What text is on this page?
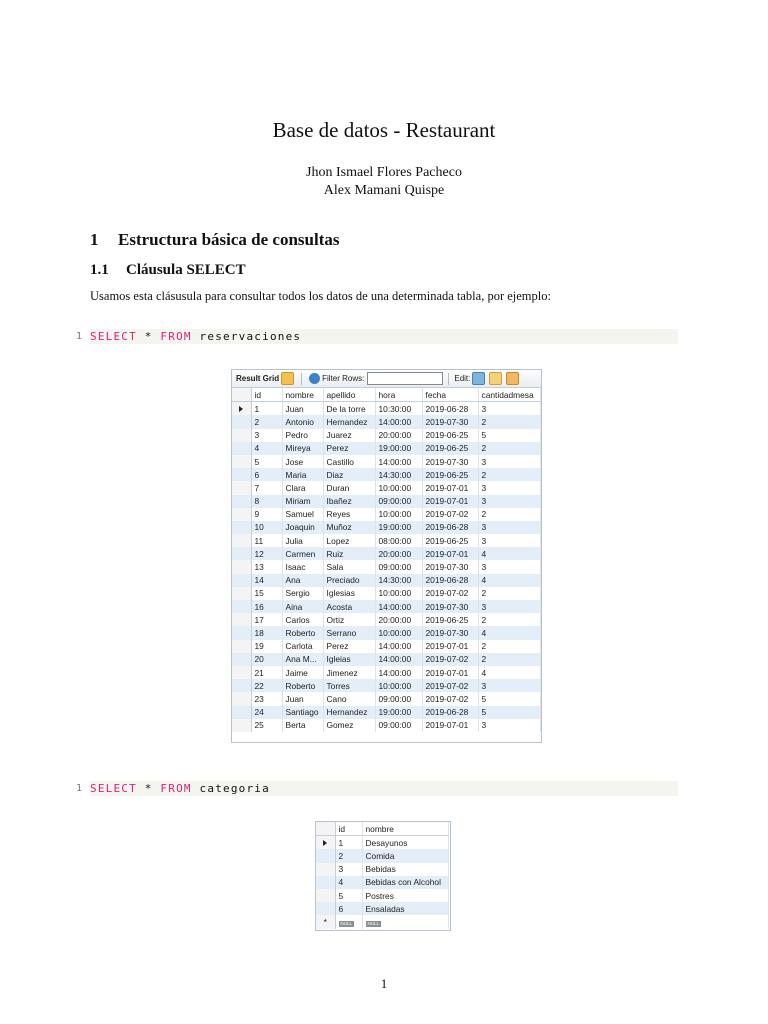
Base de datos - Restaurant
Jhon Ismael Flores Pacheco
Alex Mamani Quispe
1 Estructura básica de consultas
1.1 Cláusula SELECT
Usamos esta clásusula para consultar todos los datos de una determinada tabla, por ejemplo:
1 SELECT * FROM reservaciones
Result Grid	Filter Rows:	Edit:
	id	nombre	apellido	hora	fecha	cantidadmesa
	1	Juan	De la torre	10:30:00	2019-06-28	3
	2	Antonio	Hernandez	14:00:00	2019-07-30	2
	3	Pedro	Juarez	20:00:00	2019-06-25	5
	4	Mireya	Perez	19:00:00	2019-06-25	2
	5	Jose	Castillo	14:00:00	2019-07-30	3
	6	Maria	Diaz	14:30:00	2019-06-25	2
	7	Clara	Duran	10:00:00	2019-07-01	3
	8	Miriam	Ibañez	09:00:00	2019-07-01	3
	9	Samuel	Reyes	10:00:00	2019-07-02	2
	10	Joaquin	Muñoz	19:00:00	2019-06-28	3
	11	Julia	Lopez	08:00:00	2019-06-25	3
	12	Carmen	Ruiz	20:00:00	2019-07-01	4
	13	Isaac	Sala	09:00:00	2019-07-30	3
	14	Ana	Preciado	14:30:00	2019-06-28	4
	15	Sergio	Iglesias	10:00:00	2019-07-02	2
	16	Aina	Acosta	14:00:00	2019-07-30	3
	17	Carlos	Ortiz	20:00:00	2019-06-25	2
	18	Roberto	Serrano	10:00:00	2019-07-30	4
	19	Carlota	Perez	14:00:00	2019-07-01	2
	20	Ana M...	Igleias	14:00:00	2019-07-02	2
	21	Jaime	Jimenez	14:00:00	2019-07-01	4
	22	Roberto	Torres	10:00:00	2019-07-02	3
	23	Juan	Cano	09:00:00	2019-07-02	5
	24	Santiago	Hernandez	19:00:00	2019-06-28	5
	25	Berta	Gomez	09:00:00	2019-07-01	3
1 SELECT * FROM categoria
	id	nombre
	1	Desayunos
	2	Comida
	3	Bebidas
	4	Bebidas con Alcohol
	5	Postres
	6	Ensaladas
*	NULL	NULL
1
